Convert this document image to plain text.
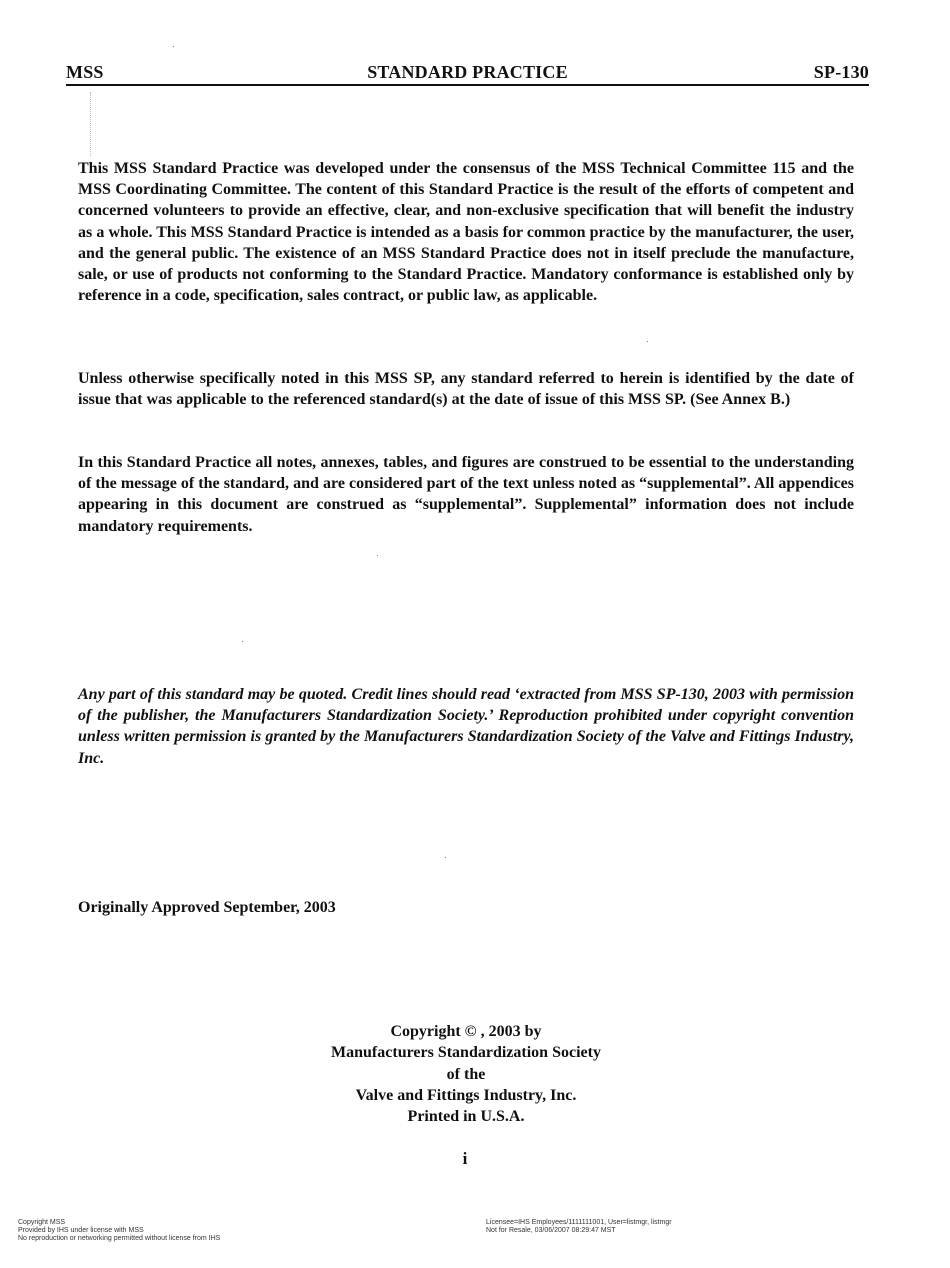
MSS	STANDARD PRACTICE	SP-130

This MSS Standard Practice was developed under the consensus of the MSS Technical Committee 115 and the MSS Coordinating Committee. The content of this Standard Practice is the result of the efforts of competent and concerned volunteers to provide an effective, clear, and non-exclusive specification that will benefit the industry as a whole. This MSS Standard Practice is intended as a basis for common practice by the manufacturer, the user, and the general public. The existence of an MSS Standard Practice does not in itself preclude the manufacture, sale, or use of products not conforming to the Standard Practice. Mandatory conformance is established only by reference in a code, specification, sales contract, or public law, as applicable.

Unless otherwise specifically noted in this MSS SP, any standard referred to herein is identified by the date of issue that was applicable to the referenced standard(s) at the date of issue of this MSS SP. (See Annex B.)

In this Standard Practice all notes, annexes, tables, and figures are construed to be essential to the understanding of the message of the standard, and are considered part of the text unless noted as “supplemental”. All appendices appearing in this document are construed as “supplemental”. Supplemental” information does not include mandatory requirements.

Any part of this standard may be quoted. Credit lines should read ‘extracted from MSS SP-130, 2003 with permission of the publisher, the Manufacturers Standardization Society.’ Reproduction prohibited under copyright convention unless written permission is granted by the Manufacturers Standardization Society of the Valve and Fittings Industry, Inc.

Originally Approved September, 2003

Copyright © , 2003 by
Manufacturers Standardization Society
of the
Valve and Fittings Industry, Inc.
Printed in U.S.A.
i
Copyright MSS
Provided by IHS under license with MSS
No reproduction or networking permitted without license from IHS
Licensee=IHS Employees/1111111001, User=listmgr, listmgr
Not for Resale, 03/06/2007 08:29:47 MST
